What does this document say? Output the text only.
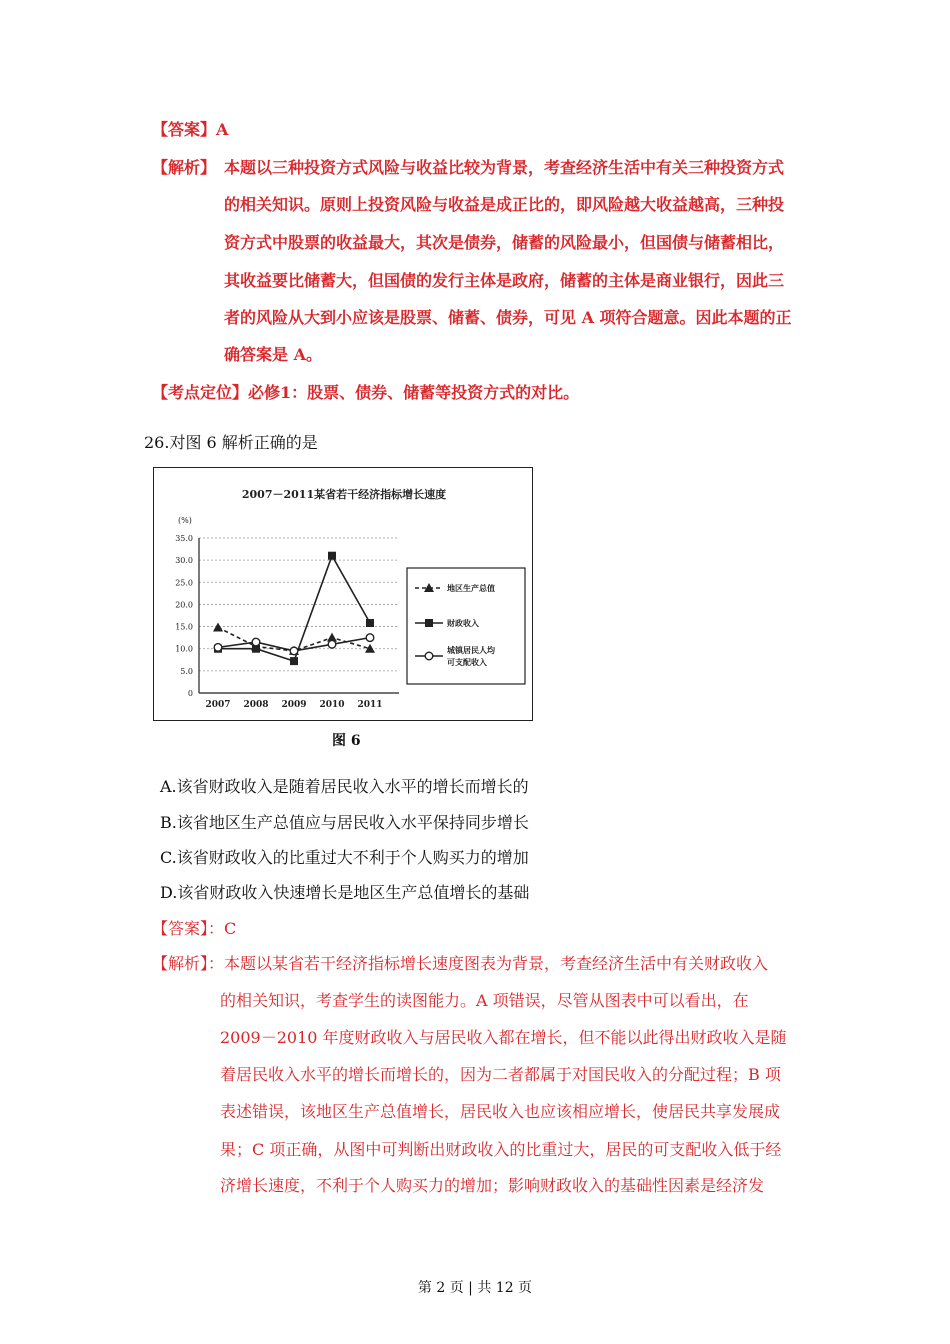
【答案】A
【解析】 本题以三种投资方式风险与收益比较为背景，考查经济生活中有关三种投资方式
的相关知识。原则上投资风险与收益是成正比的，即风险越大收益越高，三种投
资方式中股票的收益最大，其次是债券，储蓄的风险最小，但国债与储蓄相比，
其收益要比储蓄大，但国债的发行主体是政府，储蓄的主体是商业银行，因此三
者的风险从大到小应该是股票、储蓄、债券，可见 A 项符合题意。因此本题的正
确答案是 A。
【考点定位】必修1：股票、债券、储蓄等投资方式的对比。
26.对图 6 解析正确的是
2007－2011某省若干经济指标增长速度
(%)
35.0
30.0
25.0
20.0
15.0
10.0
5.0
0
2007 2008 2009 2010 2011
地区生产总值
财政收入
城镇居民人均
可支配收入
图 6
A.该省财政收入是随着居民收入水平的增长而增长的
B.该省地区生产总值应与居民收入水平保持同步增长
C.该省财政收入的比重过大不利于个人购买力的增加
D.该省财政收入快速增长是地区生产总值增长的基础
【答案】：C
【解析】：本题以某省若干经济指标增长速度图表为背景，考查经济生活中有关财政收入
的相关知识，考查学生的读图能力。A 项错误，尽管从图表中可以看出，在
2009－2010 年度财政收入与居民收入都在增长，但不能以此得出财政收入是随
着居民收入水平的增长而增长的，因为二者都属于对国民收入的分配过程；B 项
表述错误，该地区生产总值增长，居民收入也应该相应增长，使居民共享发展成
果；C 项正确，从图中可判断出财政收入的比重过大，居民的可支配收入低于经
济增长速度，不利于个人购买力的增加；影响财政收入的基础性因素是经济发
第 2 页 | 共 12 页
